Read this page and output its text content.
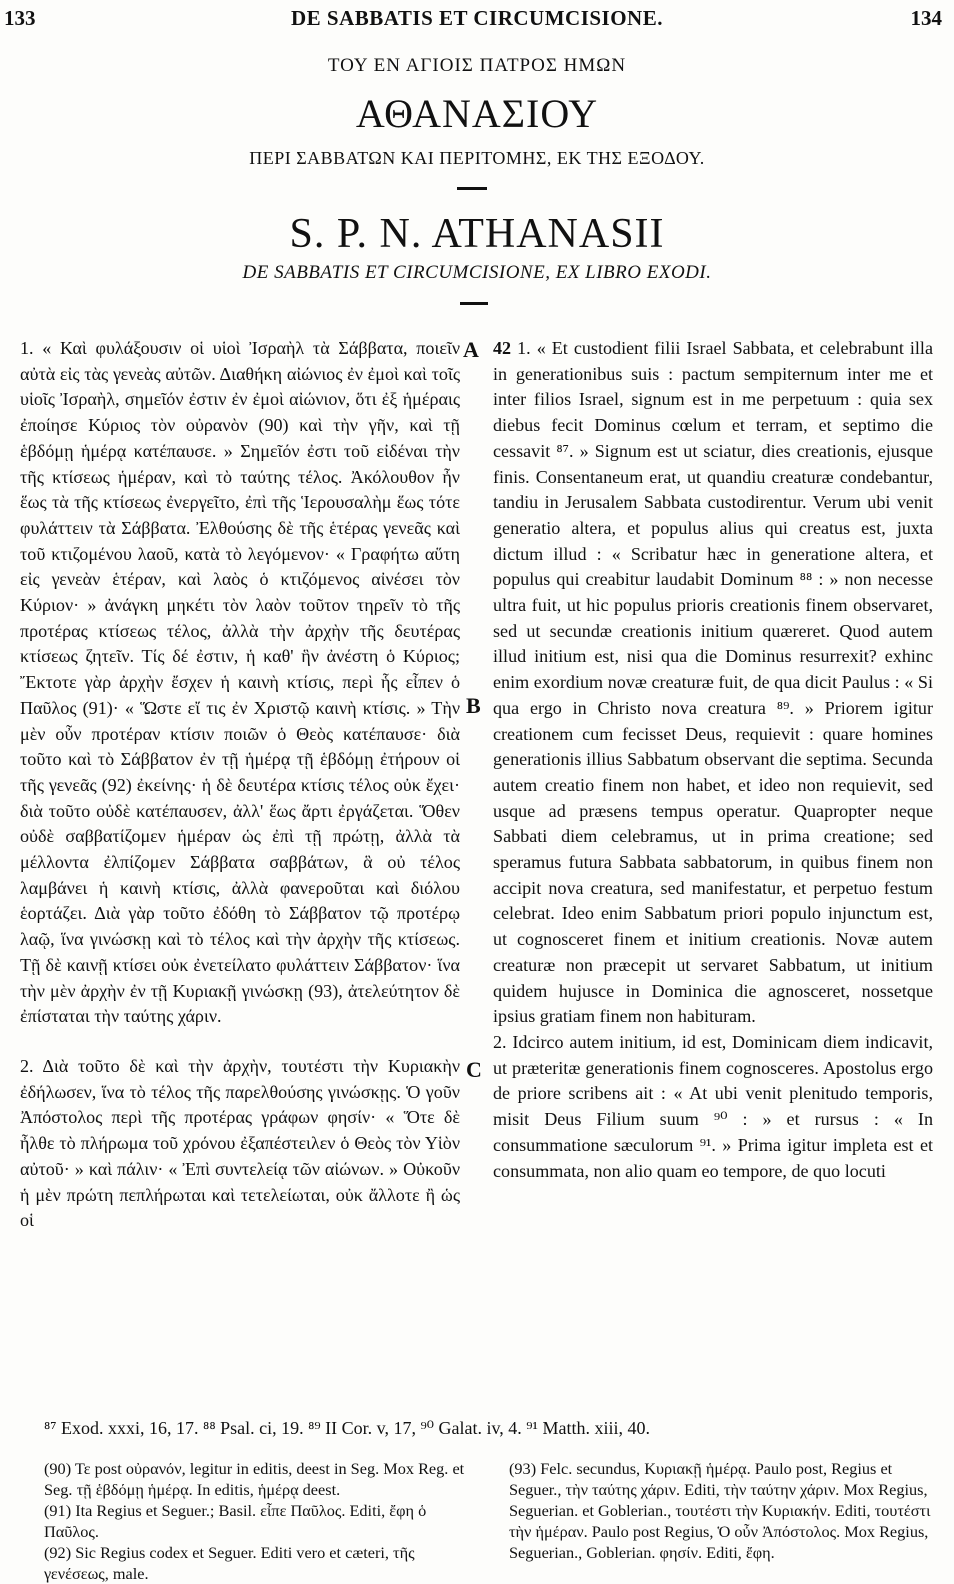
133	DE SABBATIS ET CIRCUMCISIONE.	134
ΤΟΥ ΕΝ ΑΓΙΟΙΣ ΠΑΤΡΟΣ ΗΜΩΝ
ΑΘΑΝΑΣΙΟΥ
ΠΕΡΙ ΣΑΒΒΑΤΩΝ ΚΑΙ ΠΕΡΙΤΟΜΗΣ, ΕΚ ΤΗΣ ΕΞΟΔΟΥ.
S. P. N. ATHANASII
DE SABBATIS ET CIRCUMCISIONE, EX LIBRO EXODI.
A
B
C

1. « Καὶ φυλάξουσιν οἱ υἱοὶ Ἰσραὴλ τὰ Σάββατα, ποιεῖν αὐτὰ εἰς τὰς γενεὰς αὐτῶν. Διαθήκη αἰώνιος ἐν ἐμοὶ καὶ τοῖς υἱοῖς Ἰσραὴλ, σημεῖόν ἐστιν ἐν ἐμοὶ αἰώνιον, ὅτι ἐξ ἡμέραις ἐποίησε Κύριος τὸν οὐρανὸν (90) καὶ τὴν γῆν, καὶ τῇ ἑβδόμῃ ἡμέρᾳ κατέπαυσε. » Σημεῖόν ἐστι τοῦ εἰδέναι τὴν τῆς κτίσεως ἡμέραν, καὶ τὸ ταύτης τέλος. Ἀκόλουθον ἦν ἕως τὰ τῆς κτίσεως ἐνεργεῖτο, ἐπὶ τῆς Ἱερουσαλὴμ ἕως τότε φυλάττειν τὰ Σάββατα. Ἐλθούσης δὲ τῆς ἑτέρας γενεᾶς καὶ τοῦ κτιζομένου λαοῦ, κατὰ τὸ λεγόμενον· « Γραφήτω αὕτη εἰς γενεὰν ἑτέραν, καὶ λαὸς ὁ κτιζόμενος αἰνέσει τὸν Κύριον· » ἀνάγκη μηκέτι τὸν λαὸν τοῦτον τηρεῖν τὸ τῆς προτέρας κτίσεως τέλος, ἀλλὰ τὴν ἀρχὴν τῆς δευτέρας κτίσεως ζητεῖν. Τίς δέ ἐστιν, ἡ καθ' ἣν ἀνέστη ὁ Κύριος; Ἔκτοτε γὰρ ἀρχὴν ἔσχεν ἡ καινὴ κτίσις, περὶ ἧς εἶπεν ὁ Παῦλος (91)· « Ὥστε εἴ τις ἐν Χριστῷ καινὴ κτίσις. » Τὴν μὲν οὖν προτέραν κτίσιν ποιῶν ὁ Θεὸς κατέπαυσε· διὰ τοῦτο καὶ τὸ Σάββατον ἐν τῇ ἡμέρᾳ τῇ ἑβδόμῃ ἐτήρουν οἱ τῆς γενεᾶς (92) ἐκείνης· ἡ δὲ δευτέρα κτίσις τέλος οὐκ ἔχει· διὰ τοῦτο οὐδὲ κατέπαυσεν, ἀλλ' ἕως ἄρτι ἐργάζεται. Ὅθεν οὐδὲ σαββατίζομεν ἡμέραν ὡς ἐπὶ τῇ πρώτῃ, ἀλλὰ τὰ μέλλοντα ἐλπίζομεν Σάββατα σαββάτων, ἃ οὐ τέλος λαμβάνει ἡ καινὴ κτίσις, ἀλλὰ φανεροῦται καὶ διόλου ἑορτάζει. Διὰ γὰρ τοῦτο ἐδόθη τὸ Σάββατον τῷ προτέρῳ λαῷ, ἵνα γινώσκῃ καὶ τὸ τέλος καὶ τὴν ἀρχὴν τῆς κτίσεως. Τῇ δὲ καινῇ κτίσει οὐκ ἐνετείλατο φυλάττειν Σάββατον· ἵνα τὴν μὲν ἀρχὴν ἐν τῇ Κυριακῇ γινώσκῃ (93), ἀτελεύτητον δὲ ἐπίσταται τὴν ταύτης χάριν.

2. Διὰ τοῦτο δὲ καὶ τὴν ἀρχὴν, τουτέστι τὴν Κυριακὴν ἐδήλωσεν, ἵνα τὸ τέλος τῆς παρελθούσης γινώσκῃς. Ὁ γοῦν Ἀπόστολος περὶ τῆς προτέρας γράφων φησίν· « Ὅτε δὲ ἦλθε τὸ πλήρωμα τοῦ χρόνου ἐξαπέστειλεν ὁ Θεὸς τὸν Υἱὸν αὐτοῦ· » καὶ πάλιν· « Ἐπὶ συντελείᾳ τῶν αἰώνων. » Οὐκοῦν ἡ μὲν πρώτη πεπλήρωται καὶ τετελείωται, οὐκ ἄλλοτε ἢ ὡς οἱ

42 1. « Et custodient filii Israel Sabbata, et celebrabunt illa in generationibus suis : pactum sempiternum inter me et inter filios Israel, signum est in me perpetuum : quia sex diebus fecit Dominus cœlum et terram, et septimo die cessavit ⁸⁷. » Signum est ut sciatur, dies creationis, ejusque finis. Consentaneum erat, ut quandiu creaturæ condebantur, tandiu in Jerusalem Sabbata custodirentur. Verum ubi venit generatio altera, et populus alius qui creatus est, juxta dictum illud : « Scribatur hæc in generatione altera, et populus qui creabitur laudabit Dominum ⁸⁸ : » non necesse ultra fuit, ut hic populus prioris creationis finem observaret, sed ut secundæ creationis initium quæreret. Quod autem illud initium est, nisi qua die Dominus resurrexit? exhinc enim exordium novæ creaturæ fuit, de qua dicit Paulus : « Si qua ergo in Christo nova creatura ⁸⁹. » Priorem igitur creationem cum fecisset Deus, requievit : quare homines generationis illius Sabbatum observant die septima. Secunda autem creatio finem non habet, et ideo non requievit, sed usque ad præsens tempus operatur. Quapropter neque Sabbati diem celebramus, ut in prima creatione; sed speramus futura Sabbata sabbatorum, in quibus finem non accipit nova creatura, sed manifestatur, et perpetuo festum celebrat. Ideo enim Sabbatum priori populo injunctum est, ut cognosceret finem et initium creationis. Novæ autem creaturæ non præcepit ut servaret Sabbatum, ut initium quidem hujusce in Dominica die agnosceret, nossetque ipsius gratiam finem non habituram.

2. Idcirco autem initium, id est, Dominicam diem indicavit, ut præteritæ generationis finem cognosceres. Apostolus ergo de priore scribens ait : « At ubi venit plenitudo temporis, misit Deus Filium suum ⁹⁰ : » et rursus : « In consummatione sæculorum ⁹¹. » Prima igitur impleta est et consummata, non alio quam eo tempore, de quo locuti

⁸⁷ Exod. xxxi, 16, 17. ⁸⁸ Psal. ci, 19. ⁸⁹ II Cor. v, 17, ⁹⁰ Galat. iv, 4. ⁹¹ Matth. xiii, 40.

(90) Τε post οὐρανόν, legitur in editis, deest in Seg. Mox Reg. et Seg. τῇ ἑβδόμῃ ἡμέρᾳ. In editis, ἡμέρᾳ deest.

(91) Ita Regius et Seguer.; Basil. εἶπε Παῦλος. Editi, ἔφη ὁ Παῦλος.

(92) Sic Regius codex et Seguer. Editi vero et cæteri, τῆς γενέσεως, male.

(93) Felc. secundus, Κυριακῇ ἡμέρᾳ. Paulo post, Regius et Seguer., τὴν ταύτης χάριν. Editi, τὴν ταύτην χάριν. Mox Regius, Seguerian. et Goblerian., τουτέστι τὴν Κυριακήν. Editi, τουτέστι τὴν ἡμέραν. Paulo post Regius, Ὁ οὖν Ἀπόστολος. Mox Regius, Seguerian., Goblerian. φησίν. Editi, ἔφη.
